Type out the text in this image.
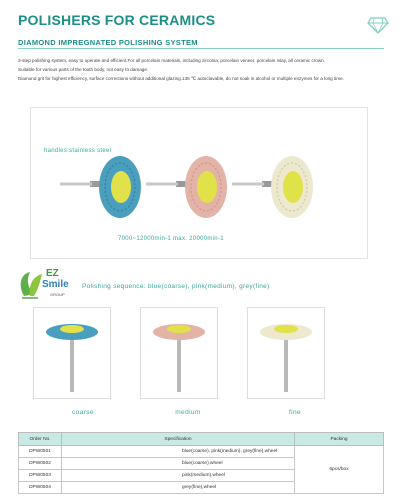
POLISHERS FOR CERAMICS
DIAMOND IMPREGNATED POLISHING SYSTEM
3-step polishing system, easy to operate and efficient.For all porcelain materials, including zirconia, porcelain veneer, porcelain inlay, all ceramic crown.
Suitable for various parts of the tooth body, not easy to damage.
Diamond grit for highest efficiency, surface corrections without additional glazing.135 ℃ autoclavable, do not soak in alcohol or multiple enzymes for a long time.
handles:stainless steel
7000~12000min-1 max. 20000min-1
EZ
Smile
GROUP
Polishing sequence: blue(coarse), pink(medium), grey(fine)
coarse	medium	fine
Order No.	Specification	Packing
DPW0501	blue(coarse), pink(medium), grey(fine),wheel	6pcs/box
DPW0502	blue(coarse),wheel	
DPW0503	pink(medium),wheel	
DPW0504	grey(fine),wheel	
